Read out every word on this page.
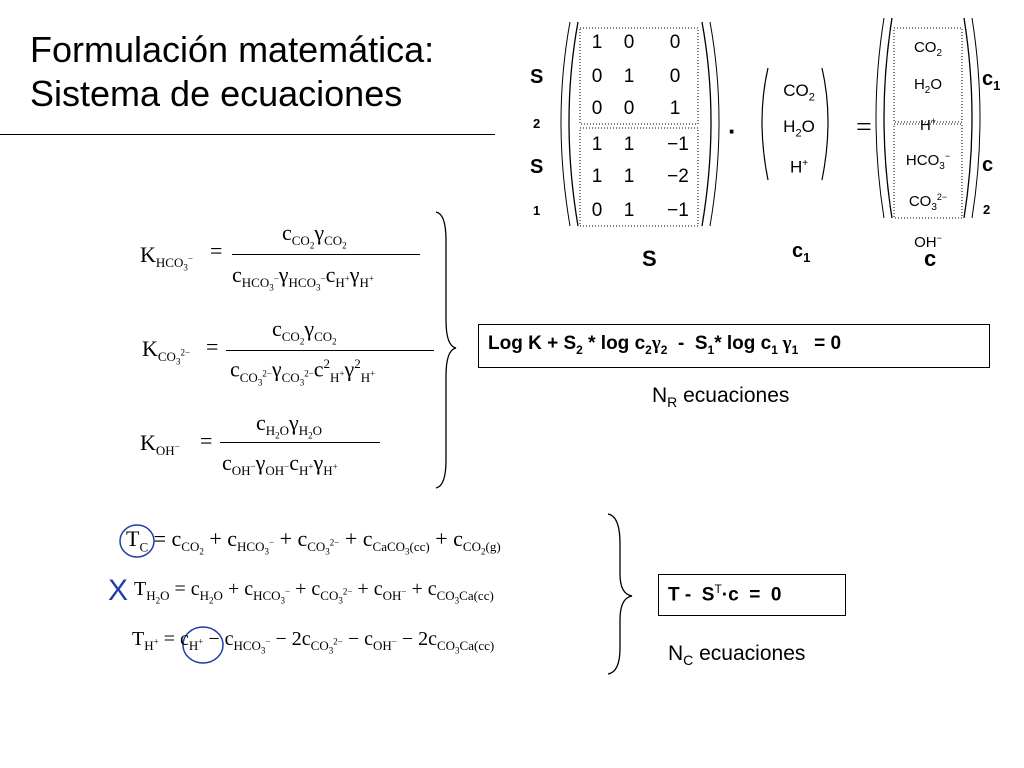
Formulación matemática:
Sistema de ecuaciones
1	0	0
0	1	0
0	0	1
1	1	−1
1	1	−2
0	1	−1
S
2
S
1
S
·
$CO_2$
$H_2O$
H+
$c_1$
=
$CO_2$
$H_2O$
H+
$HCO_3^-$
$CO_3^{2-}$
OH−
$c_1$
c
2
c
$K_{HCO_3^-}$ =
$c_{CO_2}\gamma_{CO_2}$
$c_{HCO_3^-}\gamma_{HCO_3^-}c_{H^+}\gamma_{H^+}$
$K_{CO_3^{2-}}$ =
$c_{CO_2}\gamma_{CO_2}$
$c_{CO_3^{2-}}\gamma_{CO_3^{2-}}c^2_{H^+}\gamma^2_{H^+}$
$K_{OH^-}$ =
$c_{H_2O}\gamma_{H_2O}$
$c_{OH^-}\gamma_{OH^-}c_{H^+}\gamma_{H^+}$
Log $K + S_2 * \log c_2\gamma_2 - S_1*$ $\log c_1$ $\gamma_1 = 0$
$N_R$ ecuaciones
$T_C = c_{CO_2} + c_{HCO_3^-} + c_{CO_3^{2-}} + c_{CaCO_3(cc)} + c_{CO_2(g)}$
X $T_{H_2O} = c_{H_2O} + c_{HCO_3^-} + c_{CO_3^{2-}} + c_{OH^-} + c_{CO_3Ca(cc)}$
$T_{H^+} = c_{H^+} - c_{HCO_3^-} - 2c_{CO_3^{2-}} - c_{OH^-} - 2c_{CO_3Ca(cc)}$
$T - S^T\cdot c = 0$
$N_C$ ecuaciones
